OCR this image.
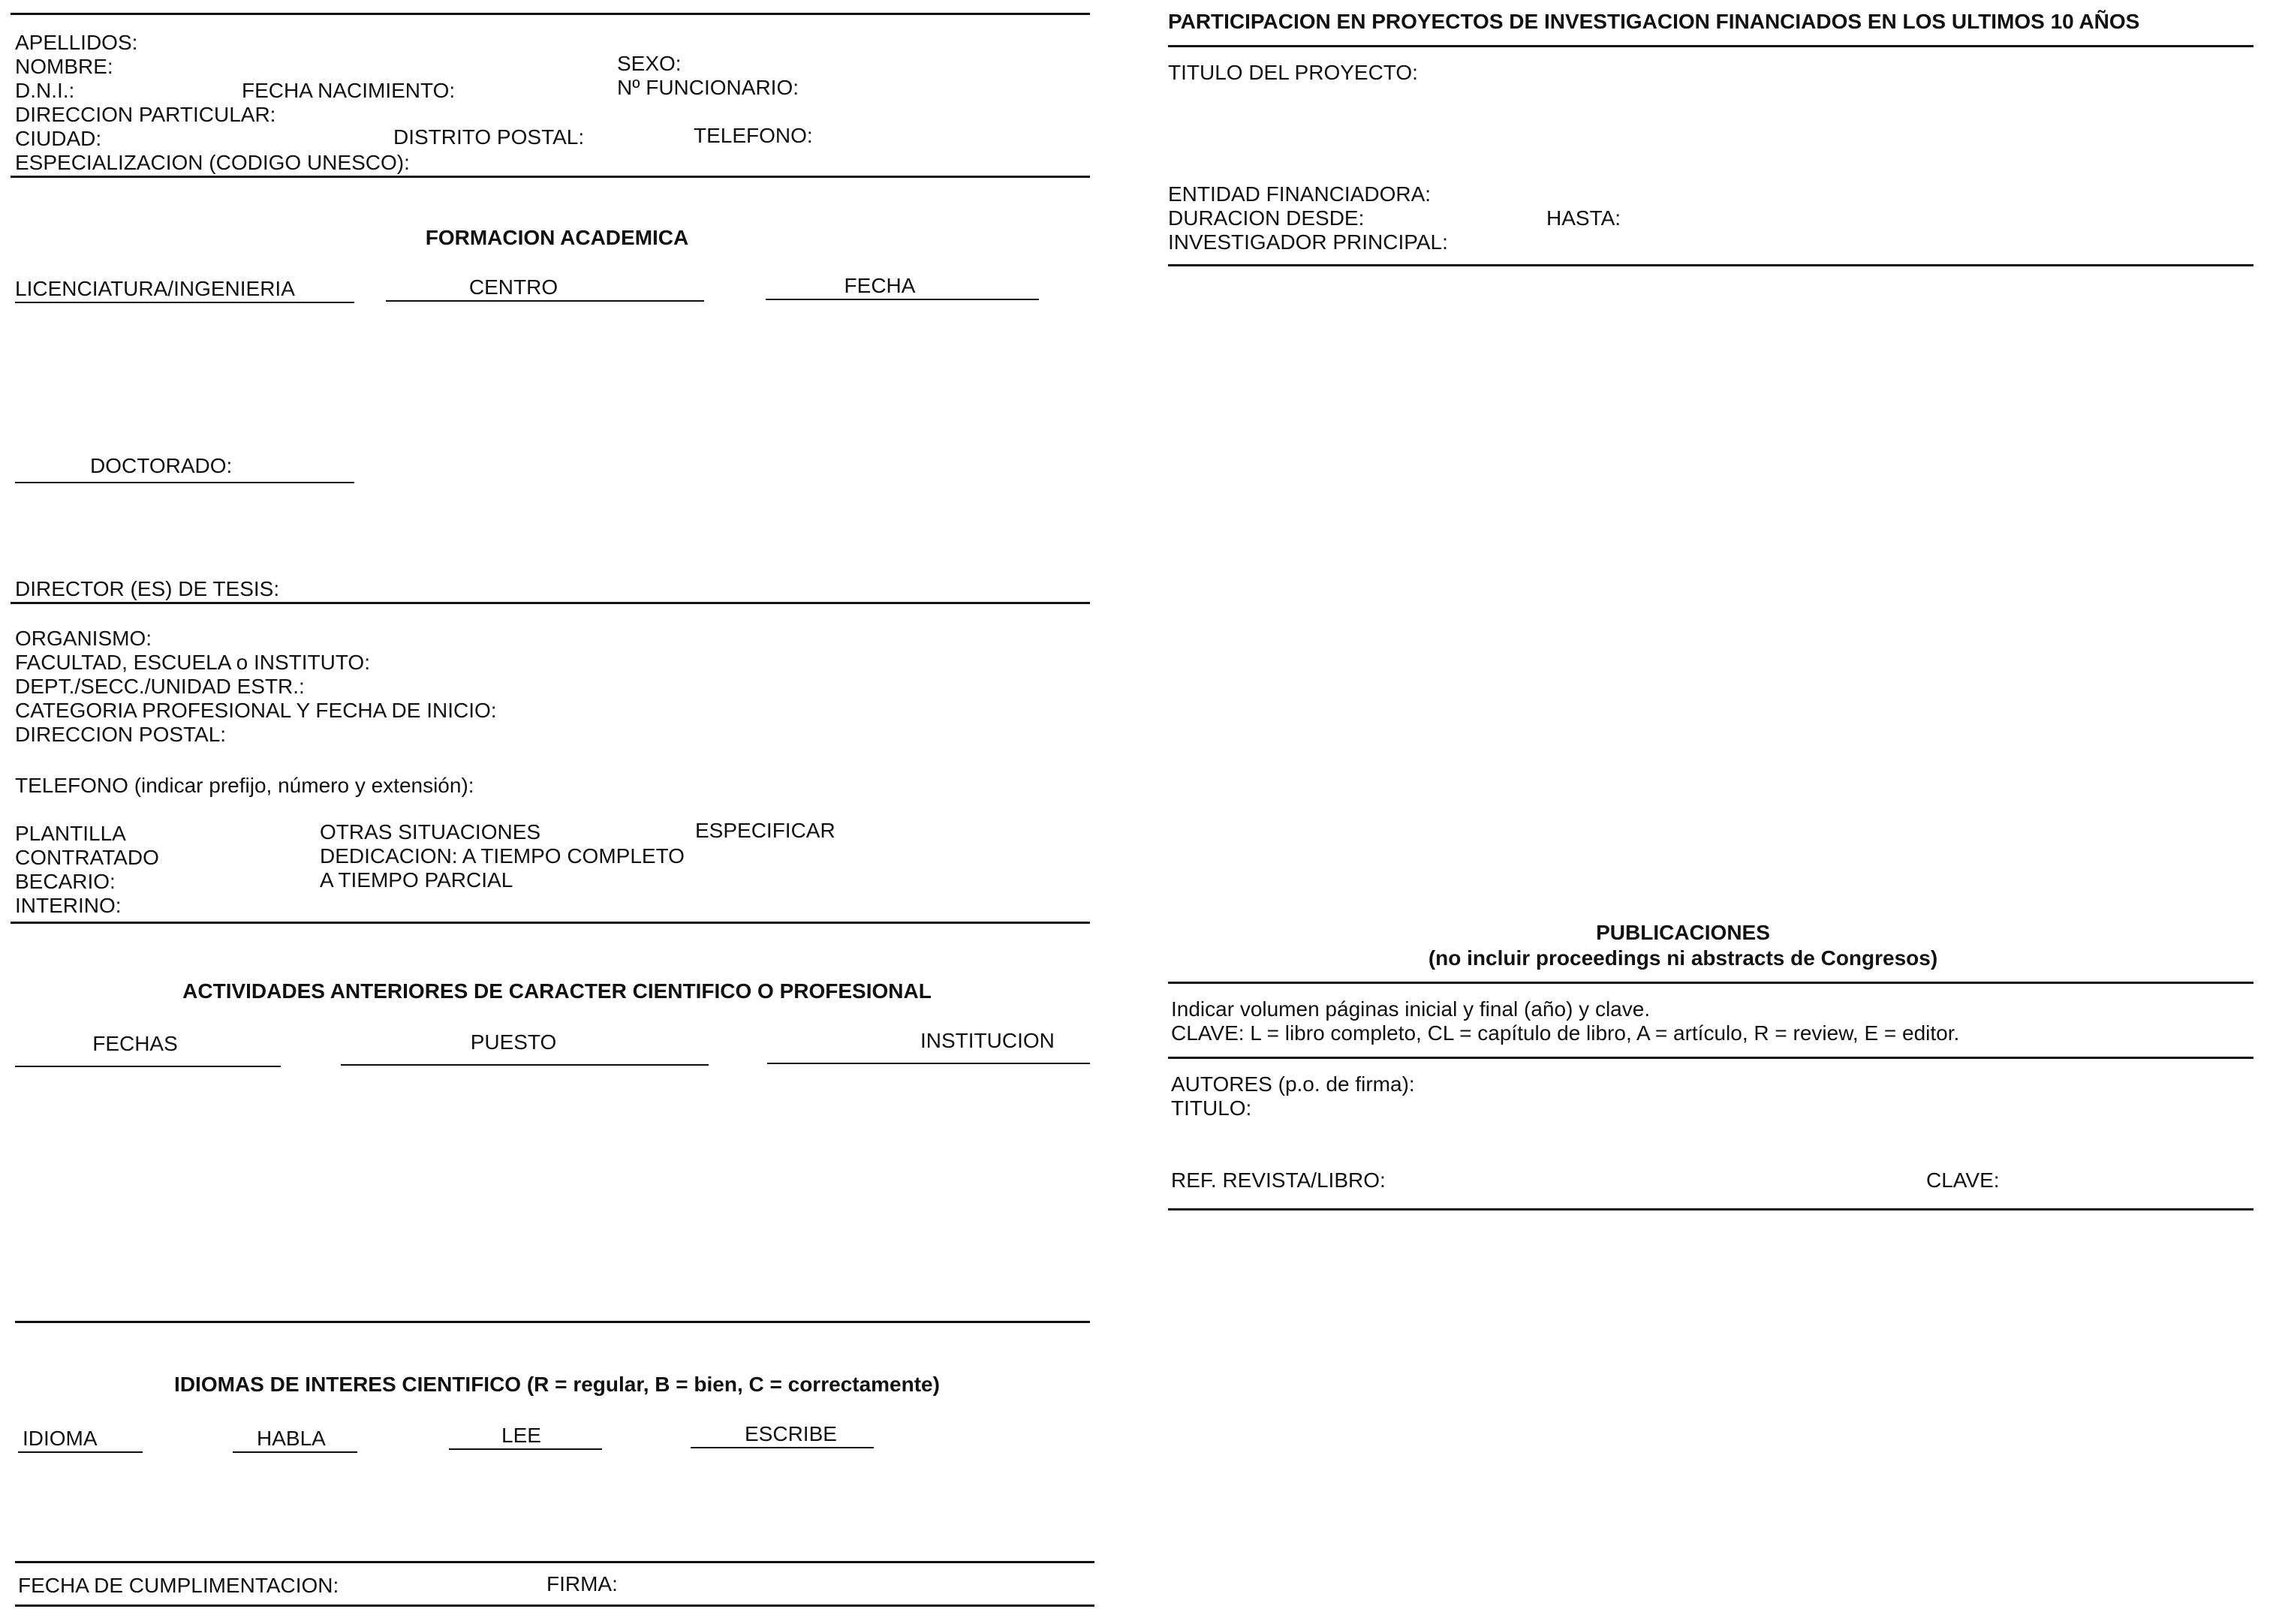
APELLIDOS:
NOMBRE:	SEXO:
D.N.I.:	FECHA NACIMIENTO:	Nº FUNCIONARIO:
DIRECCION PARTICULAR:
CIUDAD:	DISTRITO POSTAL:	TELEFONO:
ESPECIALIZACION (CODIGO UNESCO):
FORMACION ACADEMICA
LICENCIATURA/INGENIERIA	CENTRO	FECHA
DOCTORADO:
DIRECTOR (ES) DE TESIS:
ORGANISMO:
FACULTAD, ESCUELA o INSTITUTO:
DEPT./SECC./UNIDAD ESTR.:
CATEGORIA PROFESIONAL Y FECHA DE INICIO:
DIRECCION POSTAL:
TELEFONO (indicar prefijo, número y extensión):
PLANTILLA
CONTRATADO
BECARIO:
INTERINO:
OTRAS SITUACIONES	ESPECIFICAR
DEDICACION: A TIEMPO COMPLETO
A TIEMPO PARCIAL
ACTIVIDADES ANTERIORES DE CARACTER CIENTIFICO O PROFESIONAL
FECHAS	PUESTO	INSTITUCION
IDIOMAS DE INTERES CIENTIFICO (R = regular, B = bien, C = correctamente)
IDIOMA	HABLA	LEE	ESCRIBE
FECHA DE CUMPLIMENTACION:	FIRMA:
PARTICIPACION EN PROYECTOS DE INVESTIGACION FINANCIADOS EN LOS ULTIMOS 10 AÑOS
TITULO DEL PROYECTO:
ENTIDAD FINANCIADORA:
DURACION DESDE:	HASTA:
INVESTIGADOR PRINCIPAL:
PUBLICACIONES
(no incluir proceedings ni abstracts de Congresos)
Indicar volumen páginas inicial y final (año) y clave.
CLAVE: L = libro completo, CL = capítulo de libro, A = artículo, R = review, E = editor.
AUTORES (p.o. de firma):
TITULO:
REF. REVISTA/LIBRO:	CLAVE:
